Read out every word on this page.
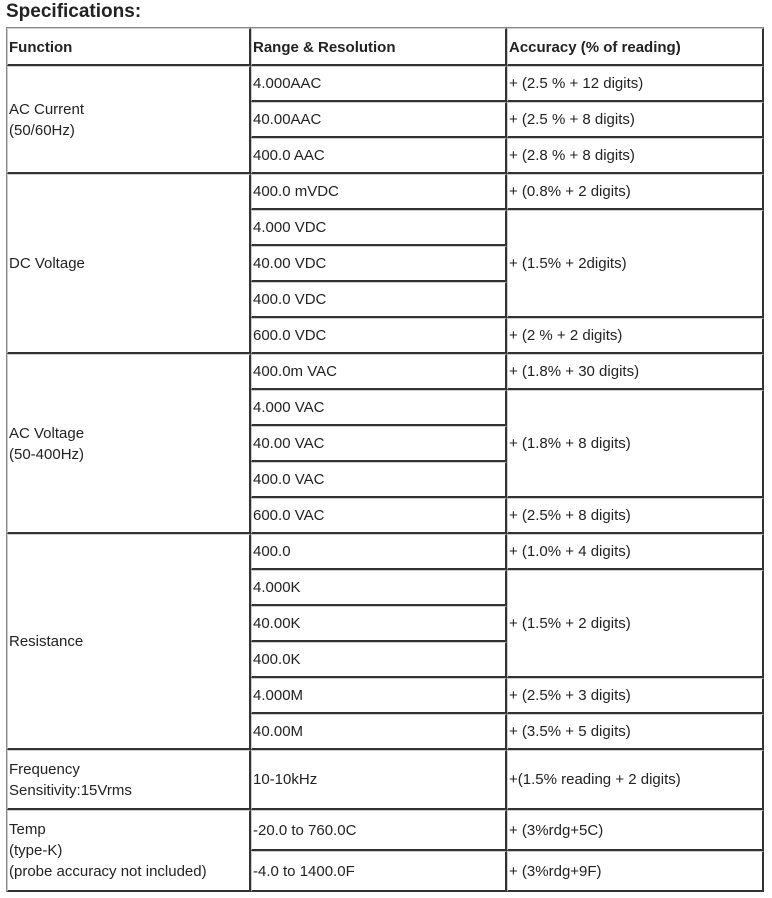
Specifications:
Function	Range & Resolution	Accuracy (% of reading)

AC Current
(50/60Hz)	4.000AAC	+ (2.5 % + 12 digits)
	40.00AAC	+ (2.5 % + 8 digits)
	400.0 AAC	+ (2.8 % + 8 digits)

DC Voltage	400.0 mVDC	+ (0.8% + 2 digits)
	4.000 VDC	+ (1.5% + 2digits)
	40.00 VDC	
	400.0 VDC	
	600.0 VDC	+ (2 % + 2 digits)

AC Voltage
(50-400Hz)	400.0m VAC	+ (1.8% + 30 digits)
	4.000 VAC	+ (1.8% + 8 digits)
	40.00 VAC	
	400.0 VAC	
	600.0 VAC	+ (2.5% + 8 digits)

Resistance	400.0	+ (1.0% + 4 digits)
	4.000K	+ (1.5% + 2 digits)
	40.00K	
	400.0K	
	4.000M	+ (2.5% + 3 digits)
	40.00M	+ (3.5% + 5 digits)

Frequency
Sensitivity:15Vrms	10-10kHz	+(1.5% reading + 2 digits)

Temp
(type-K)
(probe accuracy not included)	-20.0 to 760.0C	+ (3%rdg+5C)
	-4.0 to 1400.0F	+ (3%rdg+9F)
